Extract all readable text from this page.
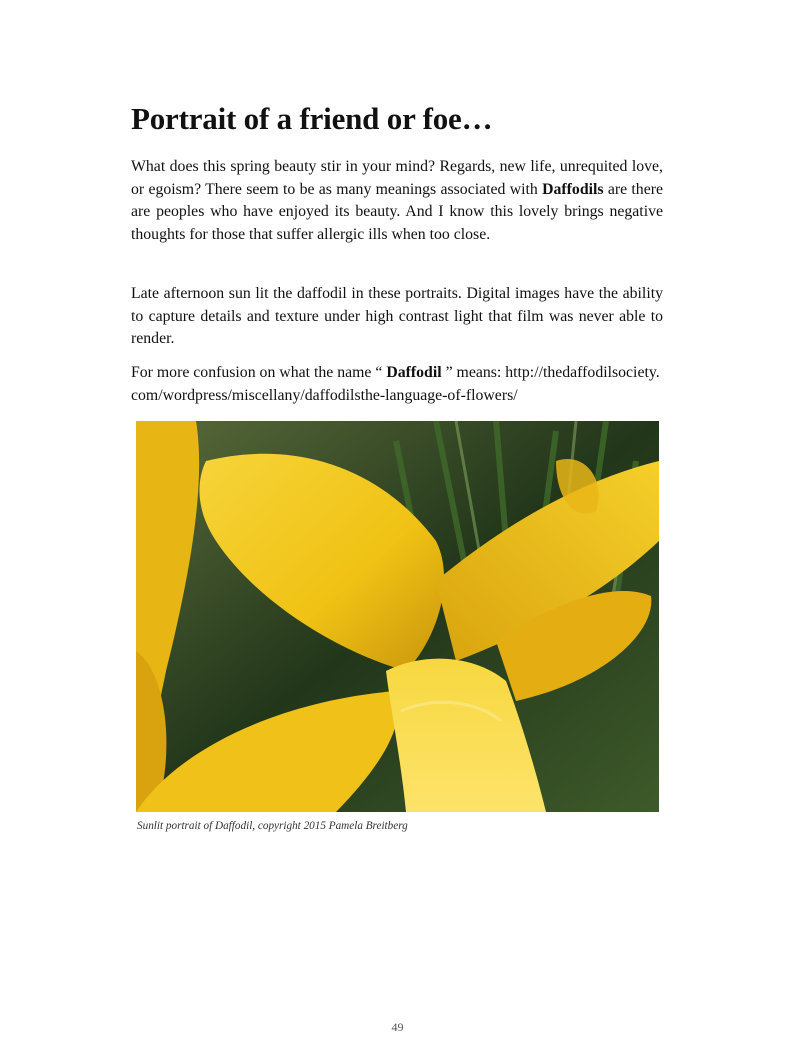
Portrait of a friend or foe…

What does this spring beauty stir in your mind? Regards, new life, unrequited love, or egoism? There seem to be as many meanings associated with Daffodils are there are peoples who have enjoyed its beauty. And I know this lovely brings negative thoughts for those that suffer allergic ills when too close.

Late afternoon sun lit the daffodil in these portraits. Digital images have the ability to capture details and texture under high contrast light that film was never able to render.

For more confusion on what the name “ Daffodil ” means: http://thedaffodilsociety.com/wordpress/miscellany/daffodilsthe-language-of-flowers/

Sunlit portrait of Daffodil, copyright 2015 Pamela Breitberg

49
